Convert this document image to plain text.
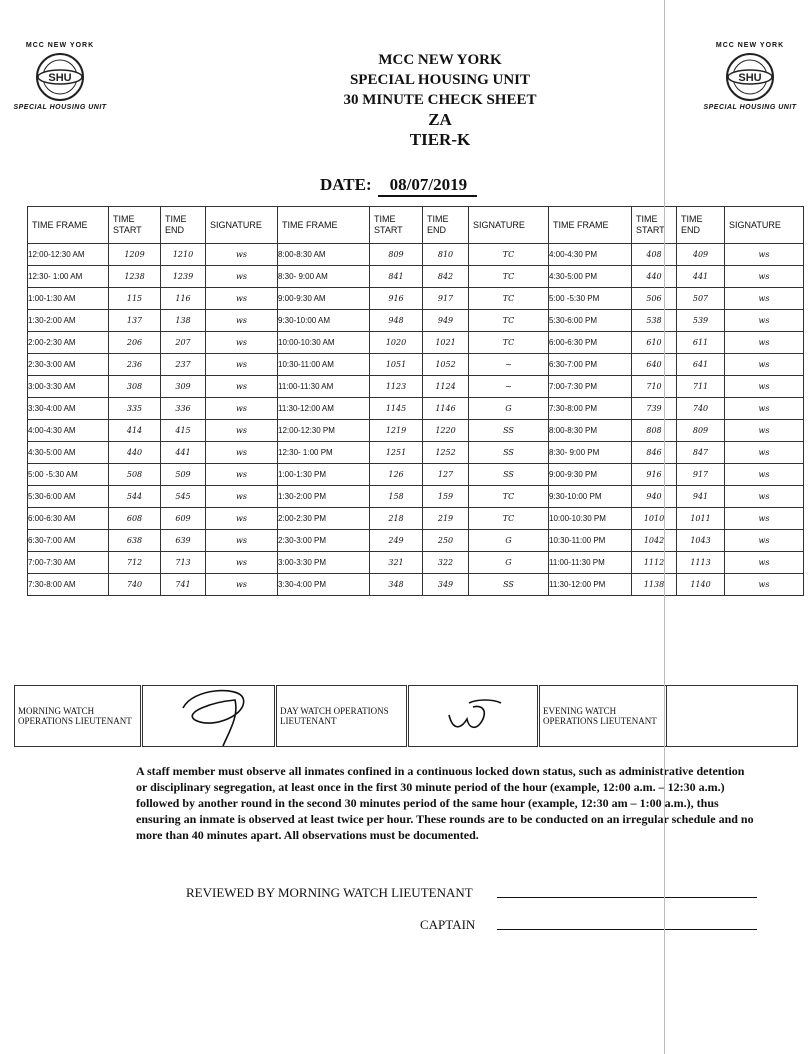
MCC NEW YORK
SHU
SPECIAL HOUSING UNIT
MCC NEW YORK
SHU
SPECIAL HOUSING UNIT
MCC NEW YORK
SPECIAL HOUSING UNIT
30 MINUTE CHECK SHEET
ZA
TIER-K
DATE: 08/07/2019
TIME FRAME	TIME START	TIME END	SIGNATURE	TIME FRAME	TIME START	TIME END	SIGNATURE	TIME FRAME	TIME START	TIME END	SIGNATURE
12:00-12:30 AM	1209	1210	ws	8:00-8:30 AM	809	810	TC	4:00-4:30 PM	408	409	ws
12:30- 1:00 AM	1238	1239	ws	8:30- 9:00 AM	841	842	TC	4:30-5:00 PM	440	441	ws
1:00-1:30 AM	115	116	ws	9:00-9:30 AM	916	917	TC	5:00 -5:30 PM	506	507	ws
1:30-2:00 AM	137	138	ws	9:30-10:00 AM	948	949	TC	5:30-6:00 PM	538	539	ws
2:00-2:30 AM	206	207	ws	10:00-10:30 AM	1020	1021	TC	6:00-6:30 PM	610	611	ws
2:30-3:00 AM	236	237	ws	10:30-11:00 AM	1051	1052	~	6:30-7:00 PM	640	641	ws
3:00-3:30 AM	308	309	ws	11:00-11:30 AM	1123	1124	~	7:00-7:30 PM	710	711	ws
3:30-4:00 AM	335	336	ws	11:30-12:00 AM	1145	1146	G	7:30-8:00 PM	739	740	ws
4:00-4:30 AM	414	415	ws	12:00-12:30 PM	1219	1220	SS	8:00-8:30 PM	808	809	ws
4:30-5:00 AM	440	441	ws	12:30- 1:00 PM	1251	1252	SS	8:30- 9:00 PM	846	847	ws
5:00 -5:30 AM	508	509	ws	1:00-1:30 PM	126	127	SS	9:00-9:30 PM	916	917	ws
5:30-6:00 AM	544	545	ws	1:30-2:00 PM	158	159	TC	9:30-10:00 PM	940	941	ws
6:00-6:30 AM	608	609	ws	2:00-2:30 PM	218	219	TC	10:00-10:30 PM	1010	1011	ws
6:30-7:00 AM	638	639	ws	2:30-3:00 PM	249	250	G	10:30-11:00 PM	1042	1043	ws
7:00-7:30 AM	712	713	ws	3:00-3:30 PM	321	322	G	11:00-11:30 PM	1112	1113	ws
7:30-8:00 AM	740	741	ws	3:30-4:00 PM	348	349	SS	11:30-12:00 PM	1138	1140	ws
MORNING WATCH OPERATIONS LIEUTENANT	
	DAY WATCH OPERATIONS LIEUTENANT	
	EVENING WATCH OPERATIONS LIEUTENANT	
A staff member must observe all inmates confined in a continuous locked down status, such as administrative detention or disciplinary segregation, at least once in the first 30 minute period of the hour (example, 12:00 a.m. – 12:30 a.m.) followed by another round in the second 30 minutes period of the same hour (example, 12:30 am – 1:00 a.m.), thus ensuring an inmate is observed at least twice per hour. These rounds are to be conducted on an irregular schedule and no more than 40 minutes apart. All observations must be documented.
REVIEWED BY MORNING WATCH LIEUTENANT
CAPTAIN
